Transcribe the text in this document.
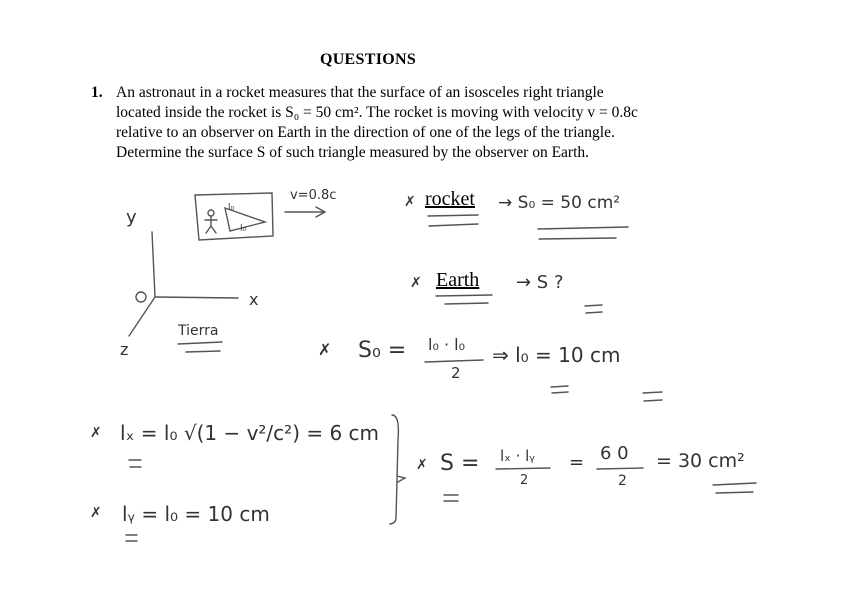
QUESTIONS
1. An astronaut in a rocket measures that the surface of an isosceles right triangle
located inside the rocket is S₀ = 50 cm². The rocket is moving with velocity v = 0.8c
relative to an observer on Earth in the direction of one of the legs of the triangle.
Determine the surface S of such triangle measured by the observer on Earth.
y
x
z
Tierra
v=0.8c
l₀
l₀
✗ rocket → S₀ = 50 cm²
✗ Earth → S ?
✗ S₀ = l₀ · l₀
2
⇒ l₀ = 10 cm
✗ lₓ = l₀ √(1 − v²/c²) = 6 cm
✗ lᵧ = l₀ = 10 cm
✗ S = lₓ · lᵧ
2
= 6 0
2
= 30 cm²
